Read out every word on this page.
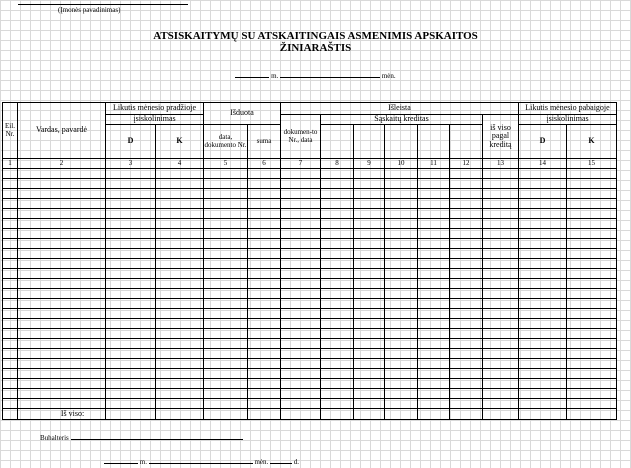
(Įmonės pavadinimas)
ATSISKAITYMŲ SU ATSKAITINGAIS ASMENIMIS APSKAITOS
ŽINIARAŠTIS
m.	mėn.
Eil. Nr.	Vardas, pavardė	Likutis mėnesio pradžioje		Išduota		Išleista							Likutis mėnesio pabaigoje	
		įsiskolinimas				dokumen-to Nr., data	Sąskaitų kreditas					iš viso pagal kreditą	įsiskolinimas	
		D	K	data, dokumento Nr.	suma								D	K

1	2	3	4	5	6	7	8	9	10	11	12	13	14	15

	Iš viso:													
Buhalteris
m.	mėn.	d.
